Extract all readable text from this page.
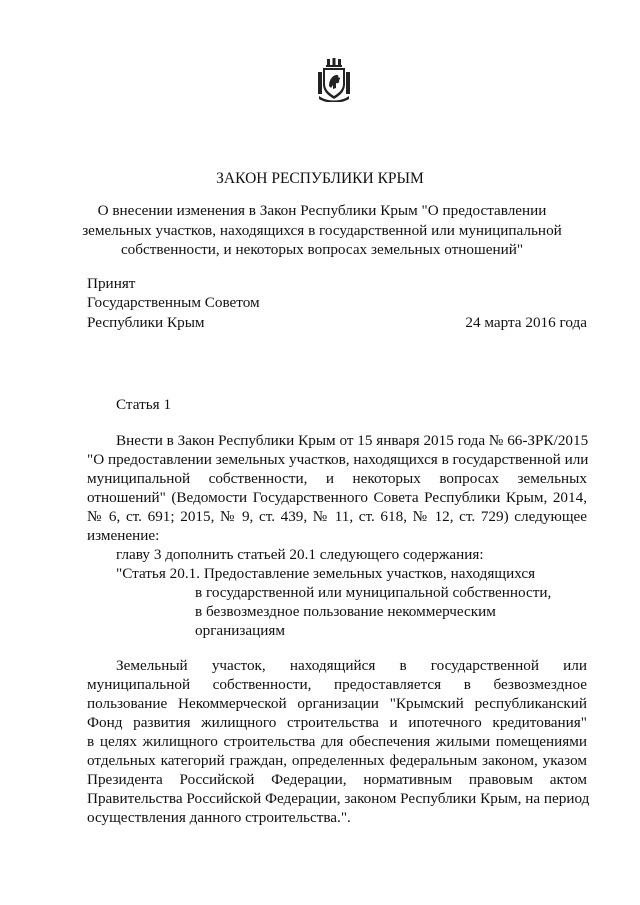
ЗАКОН РЕСПУБЛИКИ КРЫМ
О внесении изменения в Закон Республики Крым "О предоставлении
земельных участков, находящихся в государственной или муниципальной
собственности, и некоторых вопросах земельных отношений"
Принят
Государственным Советом
Республики Крым	24 марта 2016 года
Статья 1
Внести в Закон Республики Крым от 15 января 2015 года № 66-ЗРК/2015
"О предоставлении земельных участков, находящихся в государственной или
муниципальной собственности, и некоторых вопросах земельных
отношений" (Ведомости Государственного Совета Республики Крым, 2014,
№ 6, ст. 691; 2015, № 9, ст. 439, № 11, ст. 618, № 12, ст. 729) следующее
изменение:
главу 3 дополнить статьей 20.1 следующего содержания:
"Статья 20.1. Предоставление земельных участков, находящихся
в государственной или муниципальной собственности,
в безвозмездное пользование некоммерческим
организациям
Земельный участок, находящийся в государственной или
муниципальной собственности, предоставляется в безвозмездное
пользование Некоммерческой организации "Крымский республиканский
Фонд развития жилищного строительства и ипотечного кредитования"
в целях жилищного строительства для обеспечения жилыми помещениями
отдельных категорий граждан, определенных федеральным законом, указом
Президента Российской Федерации, нормативным правовым актом
Правительства Российской Федерации, законом Республики Крым, на период
осуществления данного строительства.".
